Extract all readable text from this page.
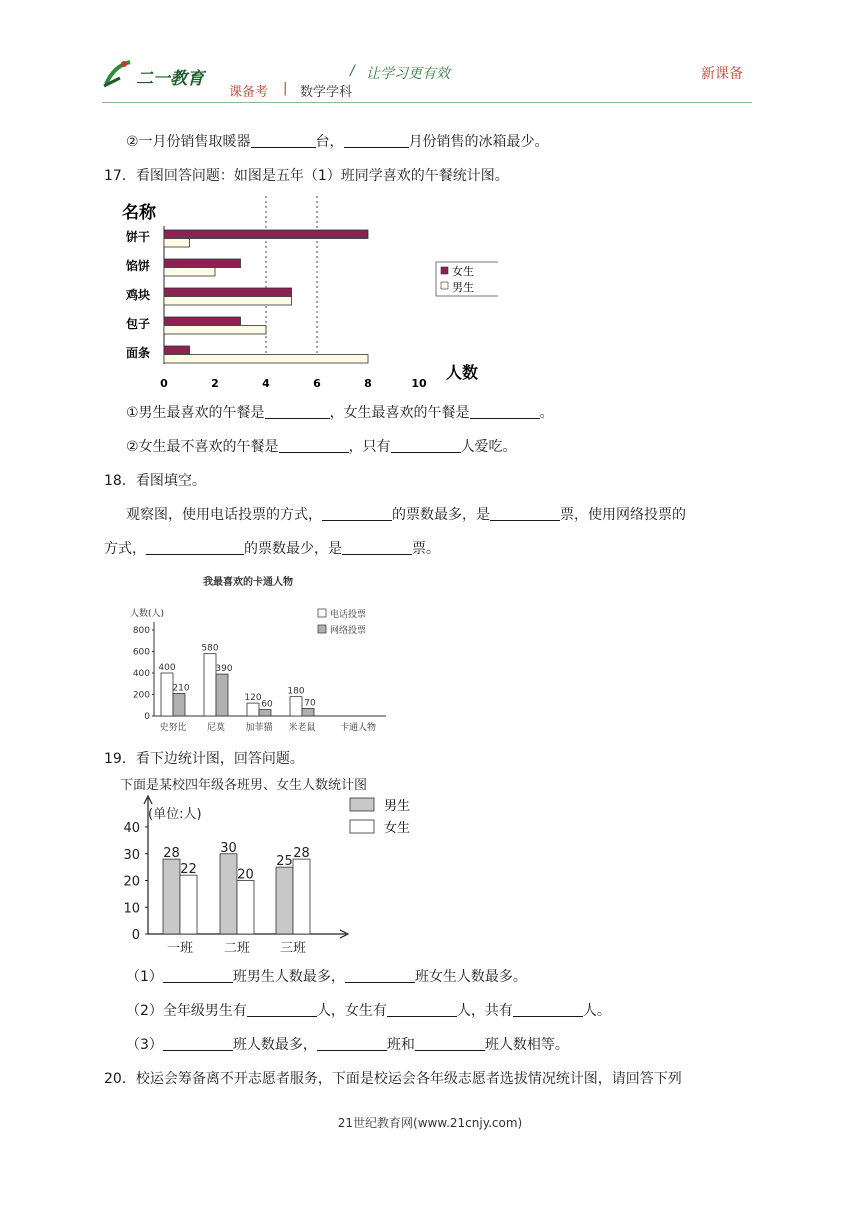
二一教育	/ 让学习更有效	新课备
课备考 | 数学学科
②一月份销售取暖器	台，	月份销售的冰箱最少。
17．看图回答问题：如图是五年（1）班同学喜欢的午餐统计图。
名称
饼干
馅饼
鸡块
包子
面条
0	2	4	6	8	10
人数
女生
男生
①男生最喜欢的午餐是	，女生最喜欢的午餐是	。
②女生最不喜欢的午餐是	，只有	人爱吃。
18．看图填空。
观察图，使用电话投票的方式，	的票数最多，是	票，使用网络投票的
方式，	的票数最少，是	票。
我最喜欢的卡通人物
人数(人)
0
200
400
600
800
400
210
580
390
120
60
180
70
史努比 尼莫 加菲猫 米老鼠	卡通人物
电话投票
网络投票
19．看下边统计图，回答问题。
下面是某校四年级各班男、女生人数统计图
(单位:人)
0
10
20
30
40
28
22
30
20
25
28
一班 二班 三班
男生
女生
（1）	班男生人数最多，	班女生人数最多。
（2）全年级男生有	人，女生有	人，共有	人。
（3）	班人数最多，	班和	班人数相等。
20．校运会筹备离不开志愿者服务，下面是校运会各年级志愿者选拔情况统计图，请回答下列
21世纪教育网(www.21cnjy.com)
